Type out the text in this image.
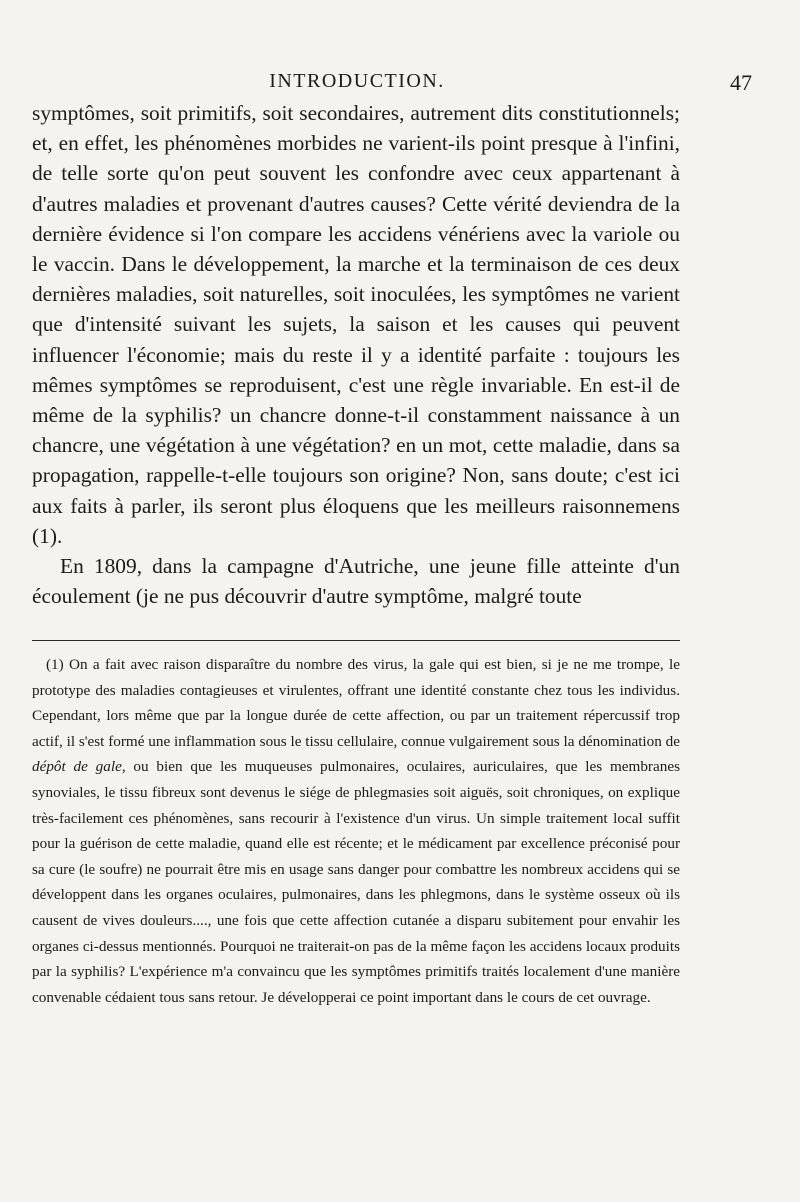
INTRODUCTION.	47

symptômes, soit primitifs, soit secondaires, autrement dits constitutionnels; et, en effet, les phénomènes morbides ne varient-ils point presque à l'infini, de telle sorte qu'on peut souvent les confondre avec ceux appartenant à d'autres maladies et provenant d'autres causes? Cette vérité deviendra de la dernière évidence si l'on compare les accidens vénériens avec la variole ou le vaccin. Dans le développement, la marche et la terminaison de ces deux dernières maladies, soit naturelles, soit inoculées, les symptômes ne varient que d'intensité suivant les sujets, la saison et les causes qui peuvent influencer l'économie; mais du reste il y a identité parfaite : toujours les mêmes symptômes se reproduisent, c'est une règle invariable. En est-il de même de la syphilis? un chancre donne-t-il constamment naissance à un chancre, une végétation à une végétation? en un mot, cette maladie, dans sa propagation, rappelle-t-elle toujours son origine? Non, sans doute; c'est ici aux faits à parler, ils seront plus éloquens que les meilleurs raisonnemens (1).

En 1809, dans la campagne d'Autriche, une jeune fille atteinte d'un écoulement (je ne pus découvrir d'autre symptôme, malgré toute

(1) On a fait avec raison disparaître du nombre des virus, la gale qui est bien, si je ne me trompe, le prototype des maladies contagieuses et virulentes, offrant une identité constante chez tous les individus. Cependant, lors même que par la longue durée de cette affection, ou par un traitement répercussif trop actif, il s'est formé une inflammation sous le tissu cellulaire, connue vulgairement sous la dénomination de dépôt de gale, ou bien que les muqueuses pulmonaires, oculaires, auriculaires, que les membranes synoviales, le tissu fibreux sont devenus le siége de phlegmasies soit aiguës, soit chroniques, on explique très-facilement ces phénomènes, sans recourir à l'existence d'un virus. Un simple traitement local suffit pour la guérison de cette maladie, quand elle est récente; et le médicament par excellence préconisé pour sa cure (le soufre) ne pourrait être mis en usage sans danger pour combattre les nombreux accidens qui se développent dans les organes oculaires, pulmonaires, dans les phlegmons, dans le système osseux où ils causent de vives douleurs...., une fois que cette affection cutanée a disparu subitement pour envahir les organes ci-dessus mentionnés. Pourquoi ne traiterait-on pas de la même façon les accidens locaux produits par la syphilis? L'expérience m'a convaincu que les symptômes primitifs traités localement d'une manière convenable cédaient tous sans retour. Je développerai ce point important dans le cours de cet ouvrage.
